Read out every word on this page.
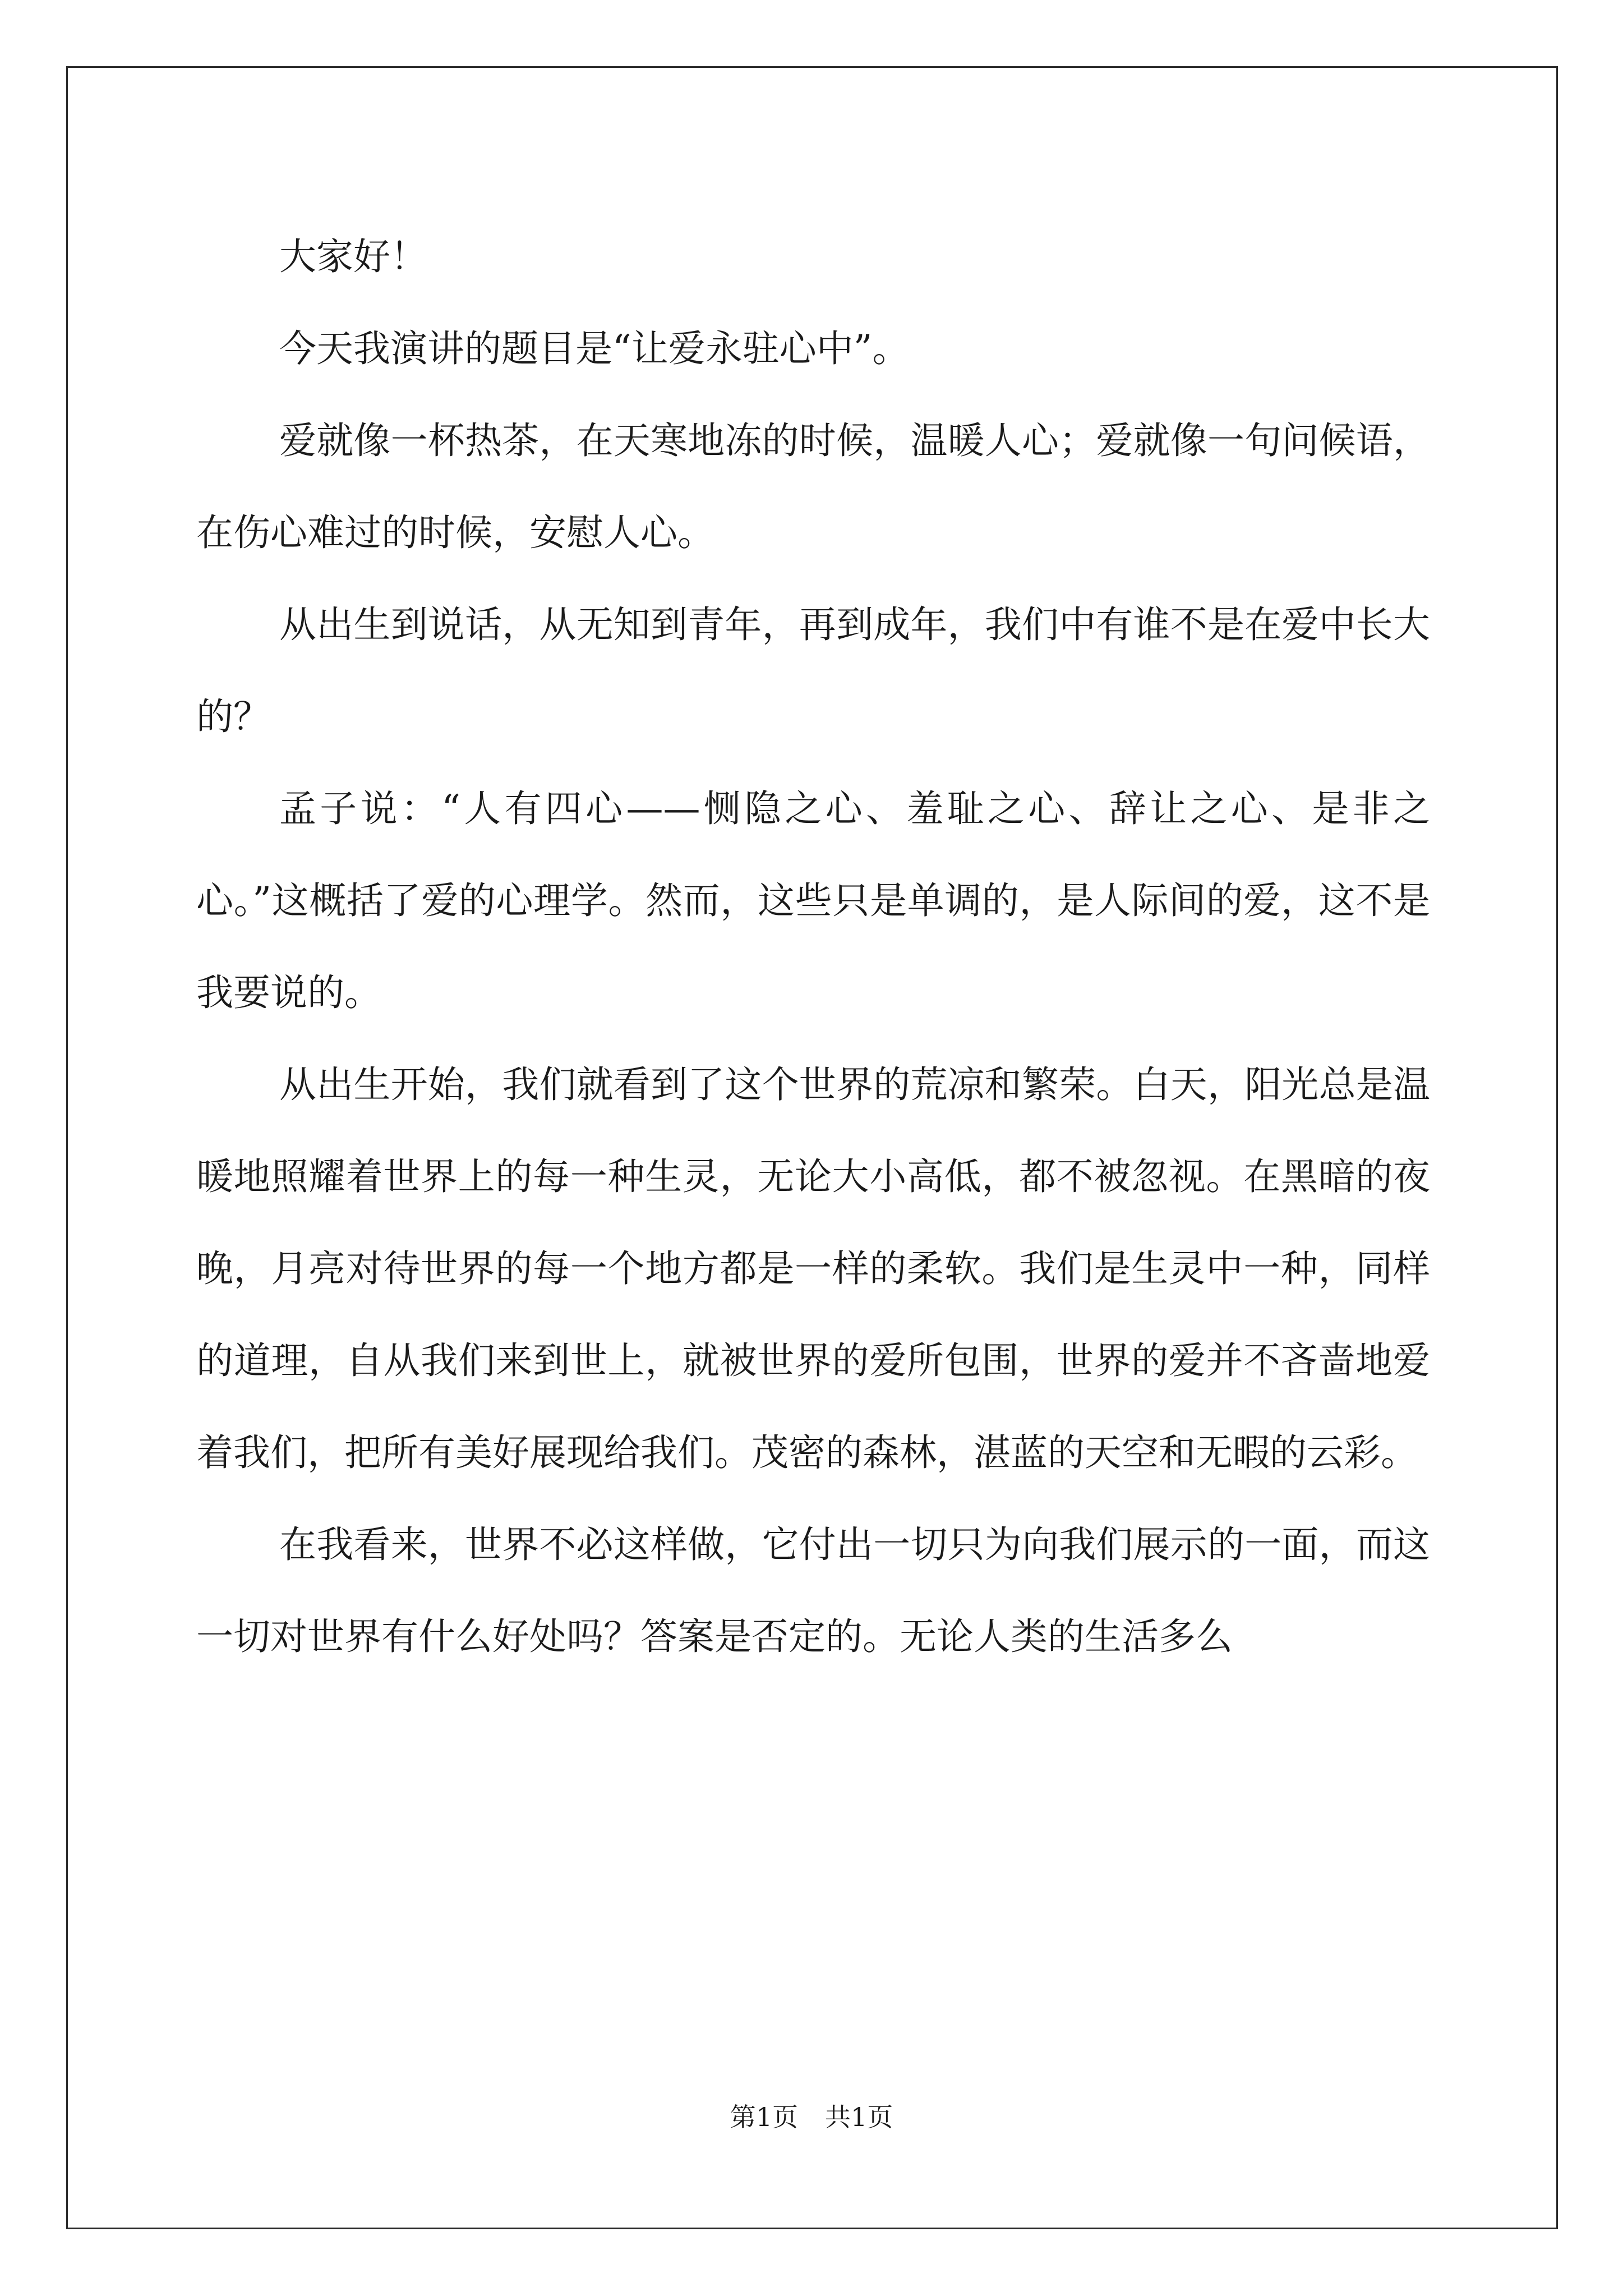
大家好！

今天我演讲的题目是“让爱永驻心中”。

爱就像一杯热茶，在天寒地冻的时候，温暖人心；爱就像一句问候语，在伤心难过的时候，安慰人心。

从出生到说话，从无知到青年，再到成年，我们中有谁不是在爱中长大的？

孟子说：“人有四心——恻隐之心、羞耻之心、辞让之心、是非之心。”这概括了爱的心理学。然而，这些只是单调的，是人际间的爱，这不是我要说的。

从出生开始，我们就看到了这个世界的荒凉和繁荣。白天，阳光总是温暖地照耀着世界上的每一种生灵，无论大小高低，都不被忽视。在黑暗的夜晚，月亮对待世界的每一个地方都是一样的柔软。我们是生灵中一种，同样的道理，自从我们来到世上，就被世界的爱所包围，世界的爱并不吝啬地爱着我们，把所有美好展现给我们。茂密的森林，湛蓝的天空和无暇的云彩。

在我看来，世界不必这样做，它付出一切只为向我们展示的一面，而这一切对世界有什么好处吗？答案是否定的。无论人类的生活多么

第1页 共1页
